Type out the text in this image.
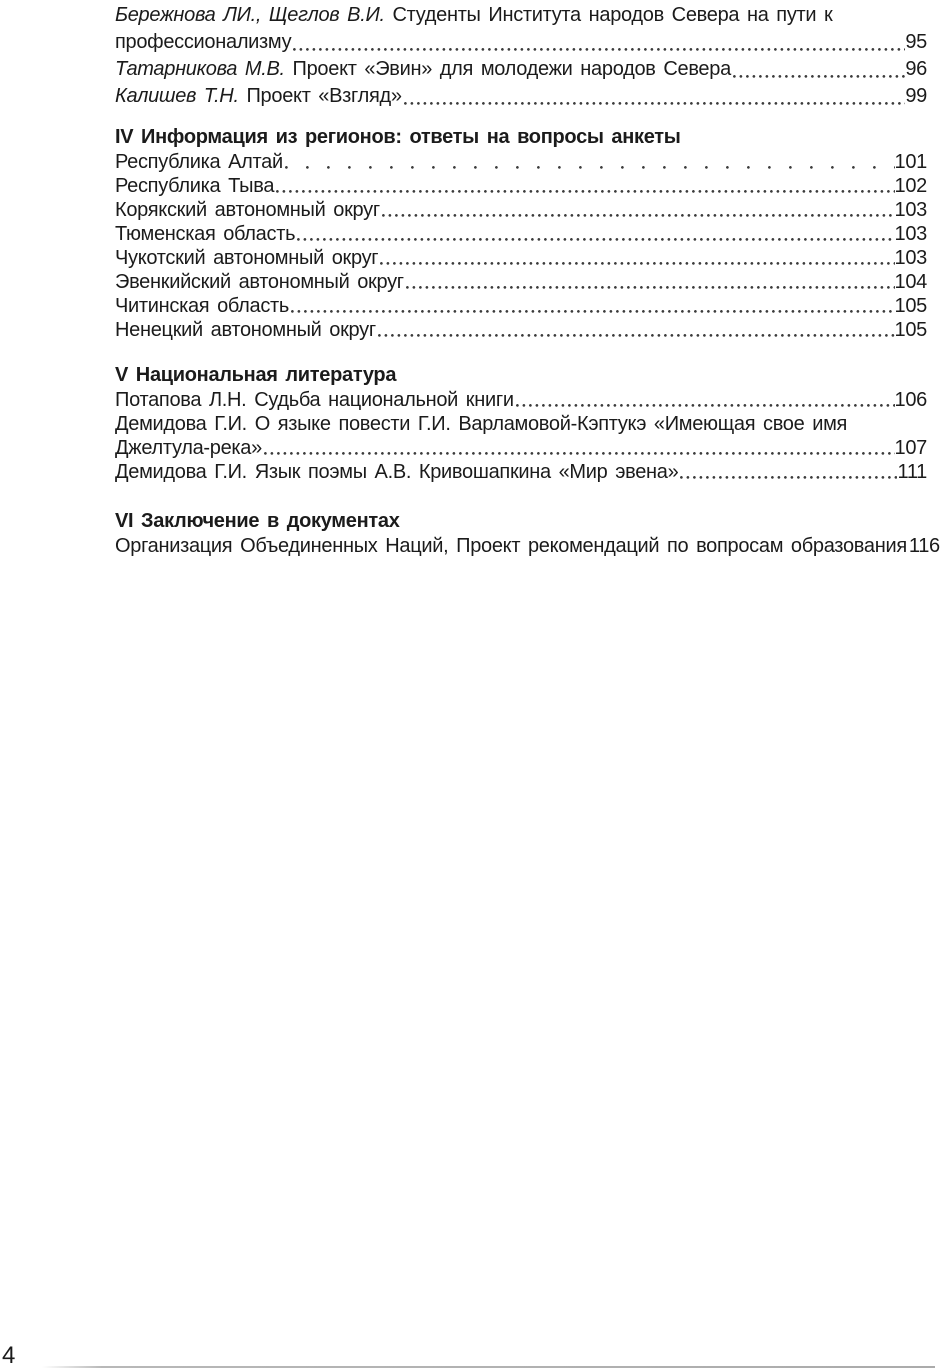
Бережнова ЛИ., Щеглов В.И. Студенты Института народов Севера на пути к
профессионализму	95
Татарникова М.В. Проект «Эвин» для молодежи народов Севера	96
Калишев Т.Н. Проект «Взгляд»	99
IV Информация из регионов: ответы на вопросы анкеты
Республика Алтай	101
Республика Тыва	102
Корякский автономный округ	103
Тюменская область	103
Чукотский автономный округ	103
Эвенкийский автономный округ	104
Читинская область	105
Ненецкий автономный округ	105
V Национальная литература
Потапова Л.Н. Судьба национальной книги	106
Демидова Г.И. О языке повести Г.И. Варламовой-Кэптукэ «Имеющая свое имя
Джелтула-река»	107
Демидова Г.И. Язык поэмы А.В. Кривошапкина «Мир эвена»	111
VI Заключение в документах
Организация Объединенных Наций, Проект рекомендаций по вопросам образования 116
4
